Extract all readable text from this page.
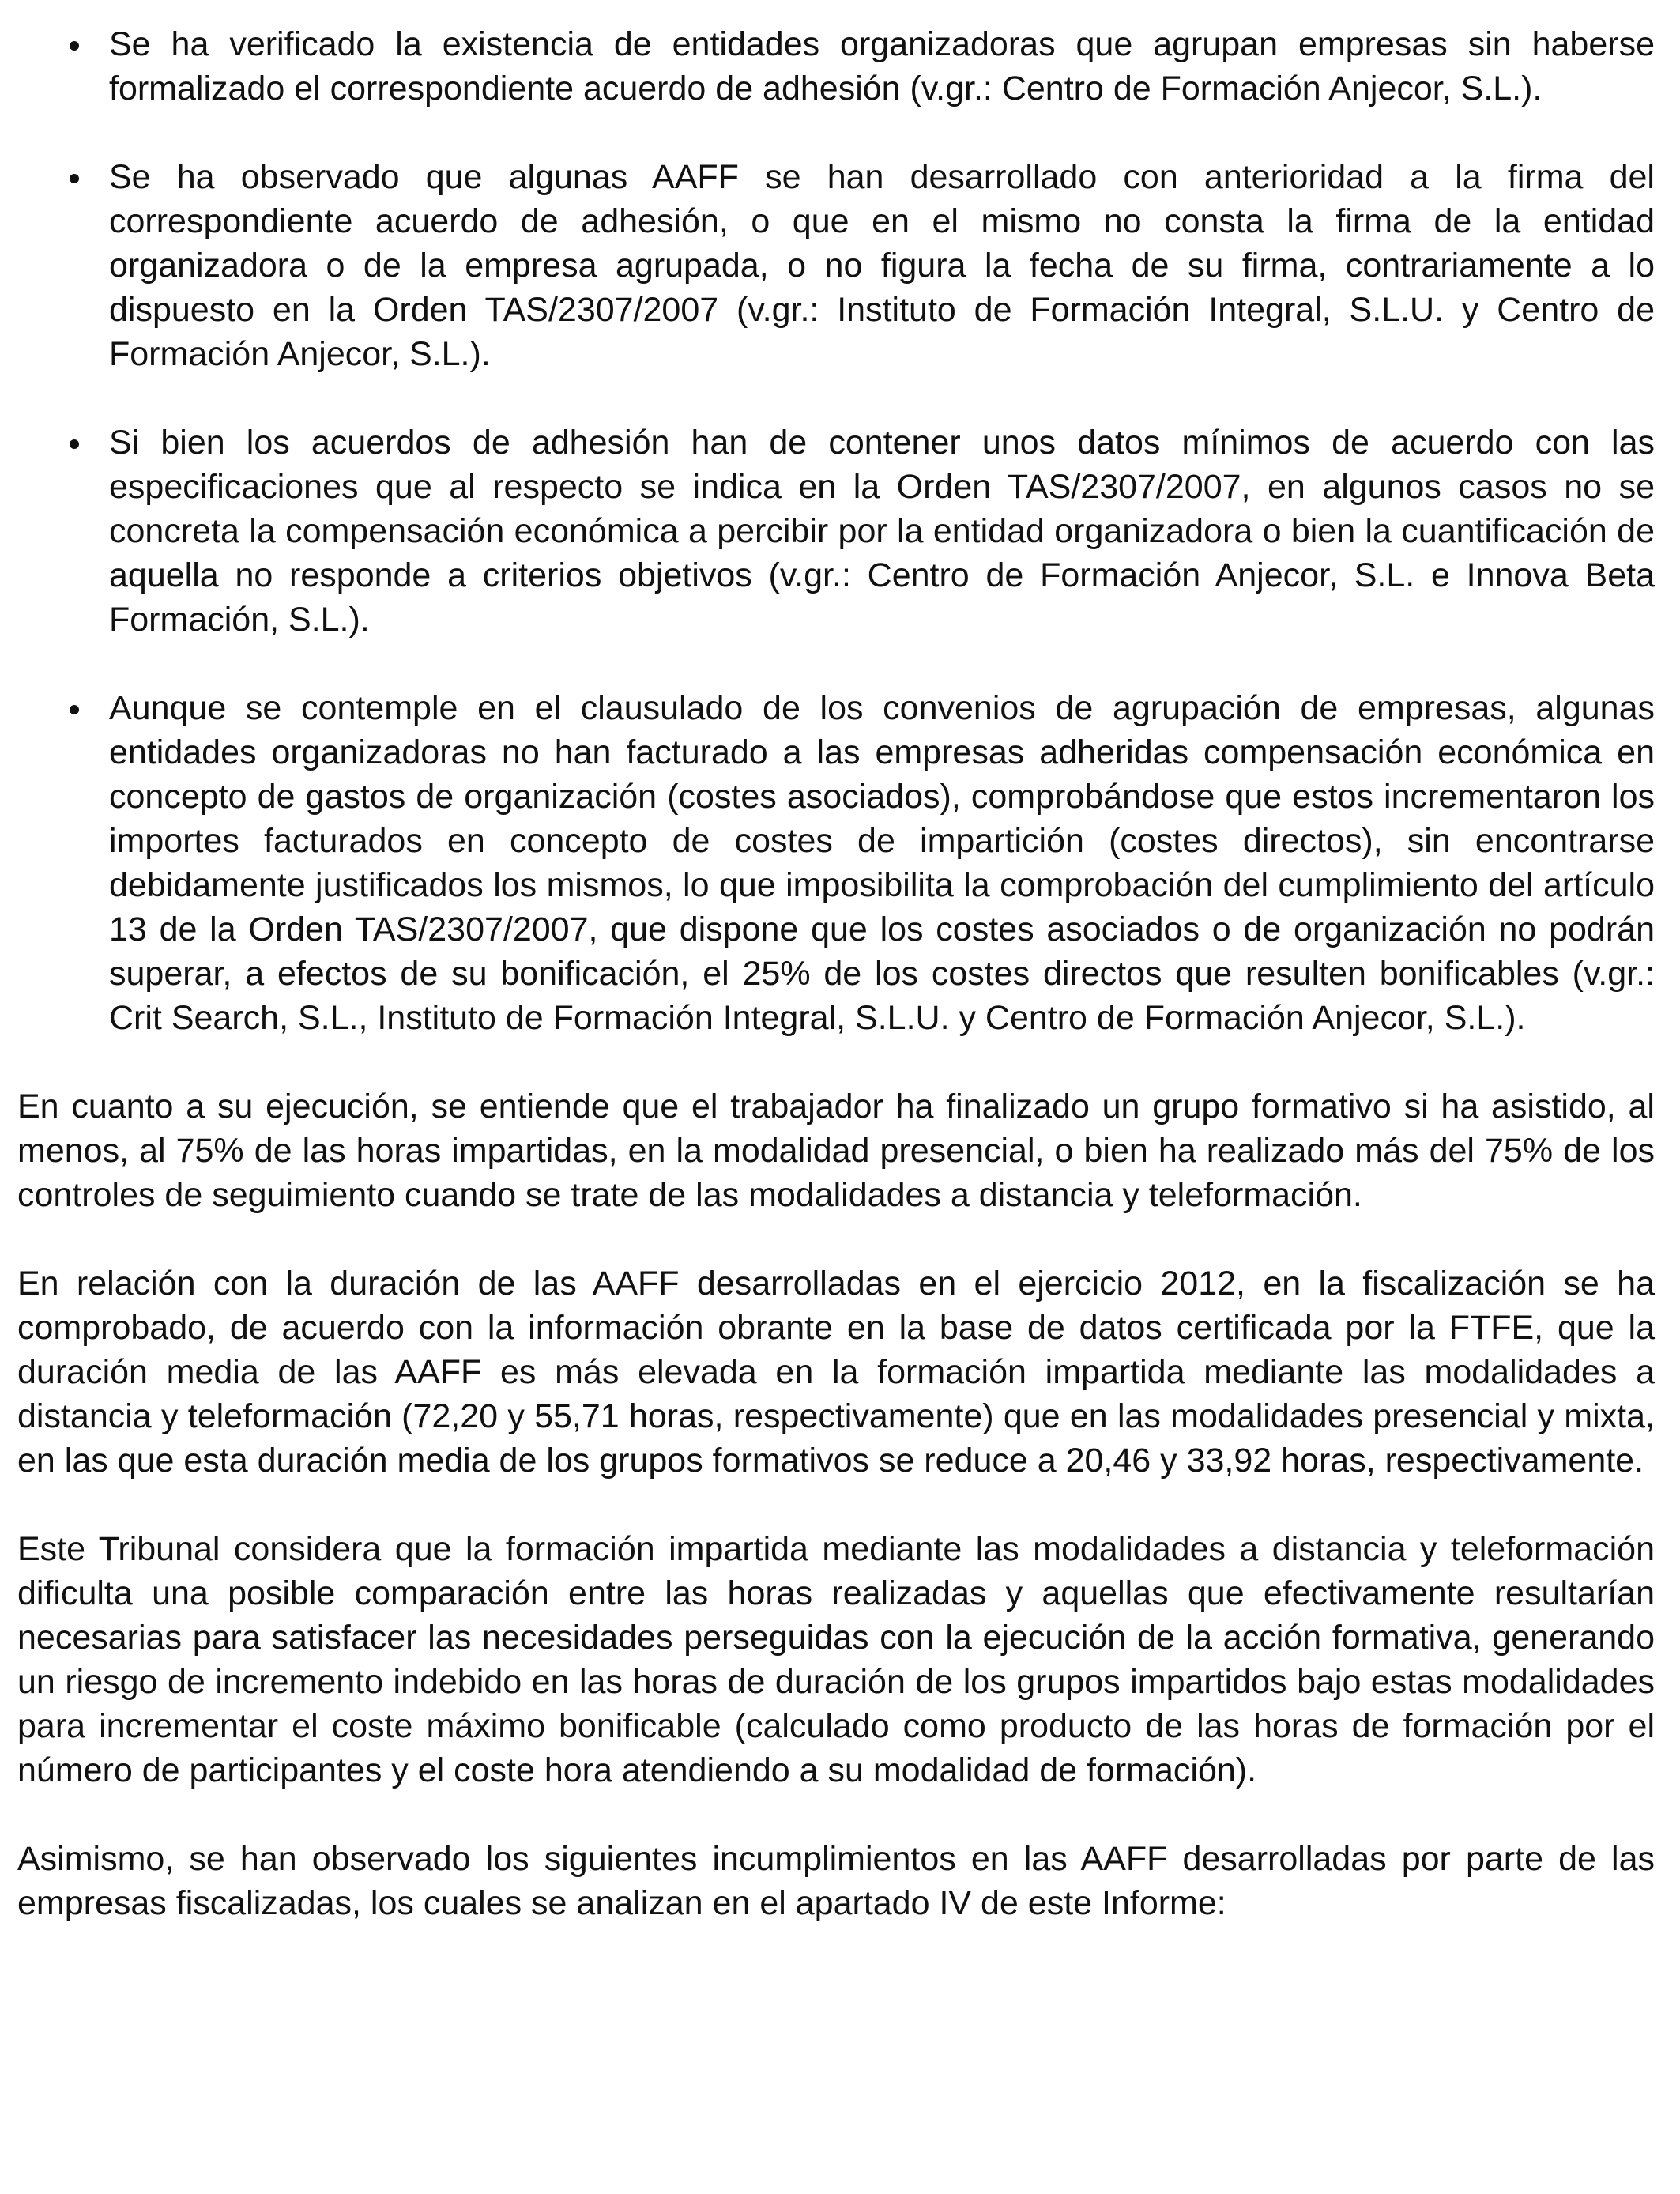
Se ha verificado la existencia de entidades organizadoras que agrupan empresas sin haberse formalizado el correspondiente acuerdo de adhesión (v.gr.: Centro de Formación Anjecor, S.L.).
Se ha observado que algunas AAFF se han desarrollado con anterioridad a la firma del correspondiente acuerdo de adhesión, o que en el mismo no consta la firma de la entidad organizadora o de la empresa agrupada, o no figura la fecha de su firma, contrariamente a lo dispuesto en la Orden TAS/2307/2007 (v.gr.: Instituto de Formación Integral, S.L.U. y Centro de Formación Anjecor, S.L.).
Si bien los acuerdos de adhesión han de contener unos datos mínimos de acuerdo con las especificaciones que al respecto se indica en la Orden TAS/2307/2007, en algunos casos no se concreta la compensación económica a percibir por la entidad organizadora o bien la cuantificación de aquella no responde a criterios objetivos (v.gr.: Centro de Formación Anjecor, S.L. e Innova Beta Formación, S.L.).
Aunque se contemple en el clausulado de los convenios de agrupación de empresas, algunas entidades organizadoras no han facturado a las empresas adheridas compensación económica en concepto de gastos de organización (costes asociados), comprobándose que estos incrementaron los importes facturados en concepto de costes de impartición (costes directos), sin encontrarse debidamente justificados los mismos, lo que imposibilita la comprobación del cumplimiento del artículo 13 de la Orden TAS/2307/2007, que dispone que los costes asociados o de organización no podrán superar, a efectos de su bonificación, el 25% de los costes directos que resulten bonificables (v.gr.: Crit Search, S.L., Instituto de Formación Integral, S.L.U. y Centro de Formación Anjecor, S.L.).

En cuanto a su ejecución, se entiende que el trabajador ha finalizado un grupo formativo si ha asistido, al menos, al 75% de las horas impartidas, en la modalidad presencial, o bien ha realizado más del 75% de los controles de seguimiento cuando se trate de las modalidades a distancia y teleformación.

En relación con la duración de las AAFF desarrolladas en el ejercicio 2012, en la fiscalización se ha comprobado, de acuerdo con la información obrante en la base de datos certificada por la FTFE, que la duración media de las AAFF es más elevada en la formación impartida mediante las modalidades a distancia y teleformación (72,20 y 55,71 horas, respectivamente) que en las modalidades presencial y mixta, en las que esta duración media de los grupos formativos se reduce a 20,46 y 33,92 horas, respectivamente.

Este Tribunal considera que la formación impartida mediante las modalidades a distancia y teleformación dificulta una posible comparación entre las horas realizadas y aquellas que efectivamente resultarían necesarias para satisfacer las necesidades perseguidas con la ejecución de la acción formativa, generando un riesgo de incremento indebido en las horas de duración de los grupos impartidos bajo estas modalidades para incrementar el coste máximo bonificable (calculado como producto de las horas de formación por el número de participantes y el coste hora atendiendo a su modalidad de formación).

Asimismo, se han observado los siguientes incumplimientos en las AAFF desarrolladas por parte de las empresas fiscalizadas, los cuales se analizan en el apartado IV de este Informe:
